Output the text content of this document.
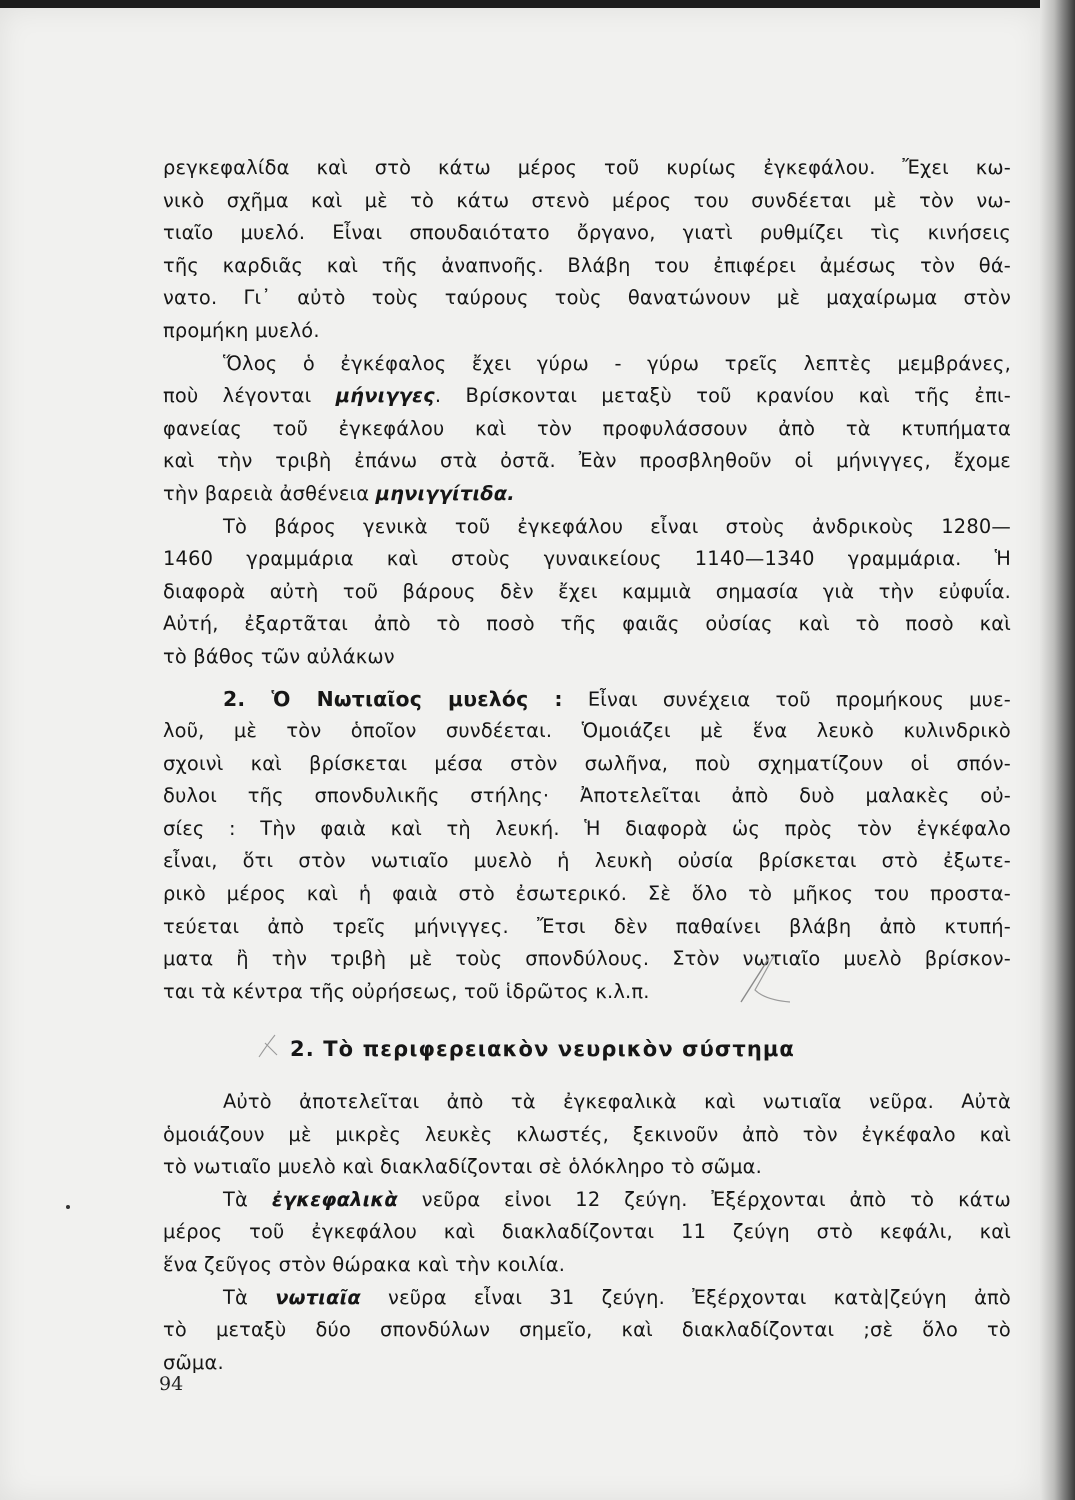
ρεγκεφαλίδα καὶ στὸ κάτω μέρος τοῦ κυρίως ἐγκεφάλου. Ἔχει κω-
νικὸ σχῆμα καὶ μὲ τὸ κάτω στενὸ μέρος του συνδέεται μὲ τὸν νω-
τιαῖο μυελό. Εἶναι σπουδαιότατο ὄργανο, γιατὶ ρυθμίζει τὶς κινήσεις
τῆς καρδιᾶς καὶ τῆς ἀναπνοῆς. Βλάβη του ἐπιφέρει ἀμέσως τὸν θά-
νατο. Γι᾽ αὐτὸ τοὺς ταύρους τοὺς θανατώνουν μὲ μαχαίρωμα στὸν
προμήκη μυελό.
Ὅλος ὁ ἐγκέφαλος ἔχει γύρω - γύρω τρεῖς λεπτὲς μεμβράνες,
ποὺ λέγονται μήνιγγες. Βρίσκονται μεταξὺ τοῦ κρανίου καὶ τῆς ἐπι-
φανείας τοῦ ἐγκεφάλου καὶ τὸν προφυλάσσουν ἀπὸ τὰ κτυπήματα
καὶ τὴν τριβὴ ἐπάνω στὰ ὀστᾶ. Ἐὰν προσβληθοῦν οἱ μήνιγγες, ἔχομε
τὴν βαρειὰ ἀσθένεια μηνιγγίτιδα.
Τὸ βάρος γενικὰ τοῦ ἐγκεφάλου εἶναι στοὺς ἀνδρικοὺς 1280—
1460 γραμμάρια καὶ στοὺς γυναικείους 1140—1340 γραμμάρια. Ἡ
διαφορὰ αὐτὴ τοῦ βάρους δὲν ἔχει καμμιὰ σημασία γιὰ τὴν εὐφυΐα.
Αὐτή, ἐξαρτᾶται ἀπὸ τὸ ποσὸ τῆς φαιᾶς οὐσίας καὶ τὸ ποσὸ καὶ
τὸ βάθος τῶν αὐλάκων
2. Ὁ Νωτιαῖος μυελός : Εἶναι συνέχεια τοῦ προμήκους μυε-
λοῦ, μὲ τὸν ὁποῖον συνδέεται. Ὁμοιάζει μὲ ἕνα λευκὸ κυλινδρικὸ
σχοινὶ καὶ βρίσκεται μέσα στὸν σωλῆνα, ποὺ σχηματίζουν οἱ σπόν-
δυλοι τῆς σπονδυλικῆς στήλης· Ἀποτελεῖται ἀπὸ δυὸ μαλακὲς οὐ-
σίες : Τὴν φαιὰ καὶ τὴ λευκή. Ἡ διαφορὰ ὡς πρὸς τὸν ἐγκέφαλο
εἶναι, ὅτι στὸν νωτιαῖο μυελὸ ἡ λευκὴ οὐσία βρίσκεται στὸ ἐξωτε-
ρικὸ μέρος καὶ ἡ φαιὰ στὸ ἐσωτερικό. Σὲ ὅλο τὸ μῆκος του προστα-
τεύεται ἀπὸ τρεῖς μήνιγγες. Ἔτσι δὲν παθαίνει βλάβη ἀπὸ κτυπή-
ματα ἢ τὴν τριβὴ μὲ τοὺς σπονδύλους. Στὸν νωτιαῖο μυελὸ βρίσκον-
ται τὰ κέντρα τῆς οὐρήσεως, τοῦ ἱδρῶτος κ.λ.π.
2. Τὸ περιφερειακὸν νευρικὸν σύστημα
Αὐτὸ ἀποτελεῖται ἀπὸ τὰ ἐγκεφαλικὰ καὶ νωτιαῖα νεῦρα. Αὐτὰ
ὁμοιάζουν μὲ μικρὲς λευκὲς κλωστές, ξεκινοῦν ἀπὸ τὸν ἐγκέφαλο καὶ
τὸ νωτιαῖο μυελὸ καὶ διακλαδίζονται σὲ ὁλόκληρο τὸ σῶμα.
Τὰ ἐγκεφαλικὰ νεῦρα εἰνοι 12 ζεύγη. Ἐξέρχονται ἀπὸ τὸ κάτω
μέρος τοῦ ἐγκεφάλου καὶ διακλαδίζονται 11 ζεύγη στὸ κεφάλι, καὶ
ἕνα ζεῦγος στὸν θώρακα καὶ τὴν κοιλία.
Τὰ νωτιαῖα νεῦρα εἶναι 31 ζεύγη. Ἐξέρχονται κατὰ|ζεύγη ἀπὸ
τὸ μεταξὺ δύο σπονδύλων σημεῖο, καὶ διακλαδίζονται ;σὲ ὅλο τὸ
σῶμα.
94
